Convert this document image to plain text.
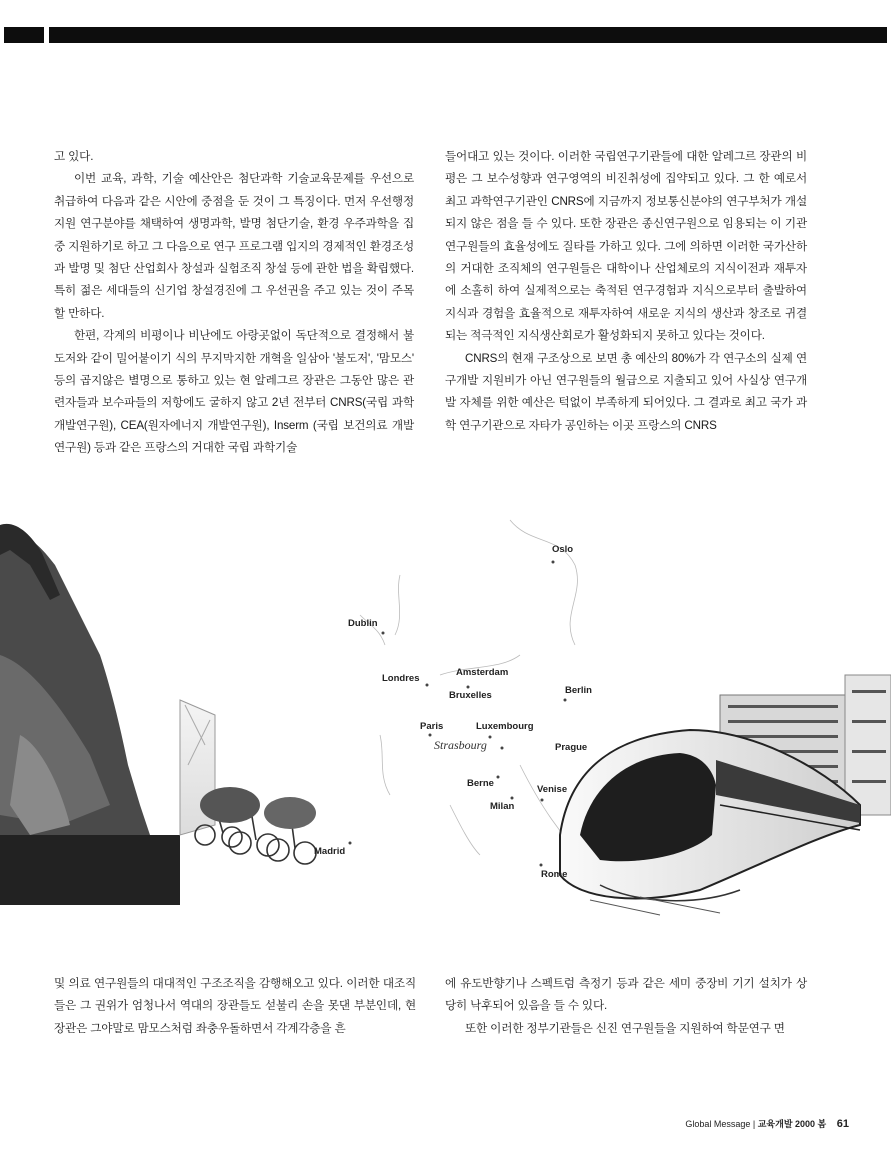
고 있다.

이번 교육, 과학, 기술 예산안은 첨단과학 기술교육문제를 우선으로 취급하여 다음과 같은 시안에 중점을 둔 것이 그 특징이다. 먼저 우선행정지원 연구분야를 채택하여 생명과학, 발명 첨단기술, 환경 우주과학을 집중 지원하기로 하고 그 다음으로 연구 프로그램 입지의 경제적인 환경조성과 발명 및 첨단 산업회사 창설과 실험조직 창설 등에 관한 법을 확립했다. 특히 젊은 세대들의 신기업 창설경진에 그 우선권을 주고 있는 것이 주목할 만하다.

한편, 각계의 비평이나 비난에도 아랑곳없이 독단적으로 결정해서 불도저와 같이 밀어붙이기 식의 무지막지한 개혁을 일삼아 '불도저', '맘모스' 등의 곱지않은 별명으로 통하고 있는 현 알레그르 장관은 그동안 많은 관련자들과 보수파들의 저항에도 굴하지 않고 2년 전부터 CNRS(국립 과학개발연구원), CEA(원자에너지 개발연구원), Inserm (국립 보건의료 개발연구원) 등과 같은 프랑스의 거대한 국립 과학기술

들어대고 있는 것이다. 이러한 국립연구기관들에 대한 알레그르 장관의 비평은 그 보수성향과 연구영역의 비진취성에 집약되고 있다. 그 한 예로서 최고 과학연구기관인 CNRS에 지금까지 정보통신분야의 연구부처가 개설되지 않은 점을 들 수 있다. 또한 장관은 종신연구원으로 임용되는 이 기관 연구원들의 효율성에도 질타를 가하고 있다. 그에 의하면 이러한 국가산하의 거대한 조직체의 연구원들은 대학이나 산업체로의 지식이전과 재투자에 소홀히 하여 실제적으로는 축적된 연구경험과 지식으로부터 출발하여 지식과 경험을 효율적으로 재투자하여 새로운 지식의 생산과 창조로 귀결되는 적극적인 지식생산회로가 활성화되지 못하고 있다는 것이다.

CNRS의 현재 구조상으로 보면 총 예산의 80%가 각 연구소의 실제 연구개발 지원비가 아닌 연구원들의 월급으로 지출되고 있어 사실상 연구개발 자체를 위한 예산은 턱없이 부족하게 되어있다. 그 결과로 최고 국가 과학 연구기관으로 자타가 공인하는 이곳 프랑스의 CNRS

Oslo
Dublin
Londres
Amsterdam
Bruxelles	Berlin
Paris	Luxembourg
Strasbourg	Prague
Berne
Venise
Milan
Madrid
Rome

및 의료 연구원들의 대대적인 구조조직을 감행해오고 있다. 이러한 대조직들은 그 권위가 엄청나서 역대의 장관들도 섣불리 손을 못댄 부분인데, 현 장관은 그야말로 맘모스처럼 좌충우돌하면서 각계각층을 흔

에 유도반향기나 스펙트럼 측정기 등과 같은 세미 중장비 기기 설치가 상당히 낙후되어 있음을 들 수 있다.

또한 이러한 정부기관들은 신진 연구원들을 지원하여 학문연구 면

Global Message | 교육개발 2000 봄 61
